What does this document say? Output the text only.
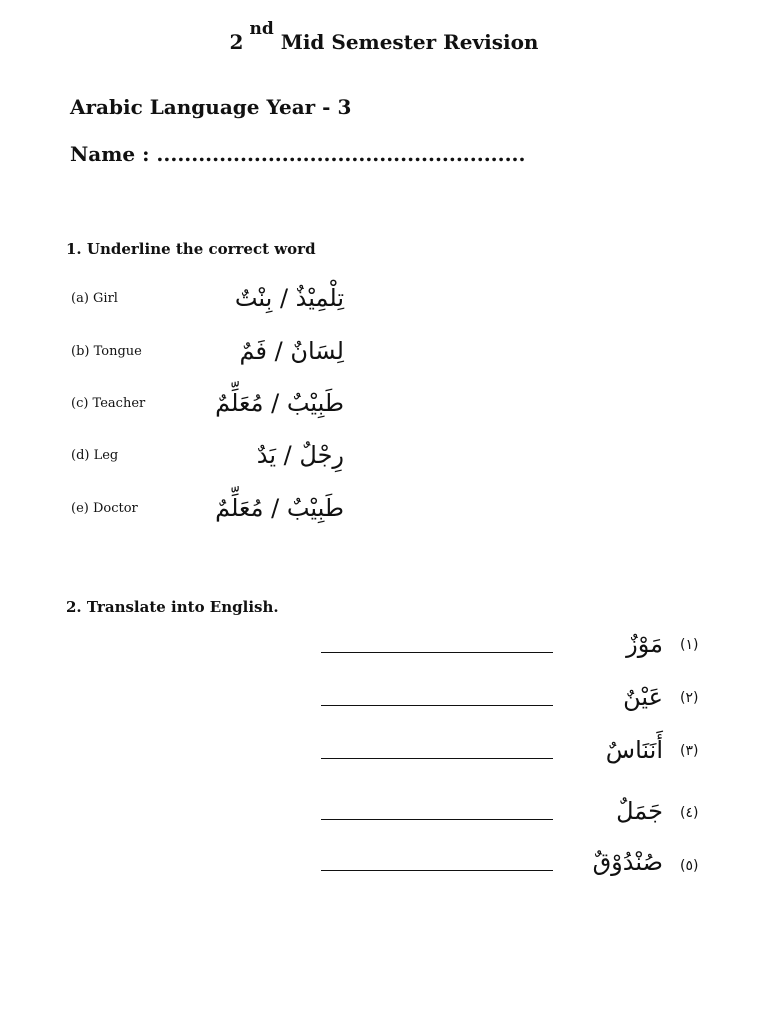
2nd Mid Semester Revision
Arabic Language Year - 3
Name : .....................................................
1. Underline the correct word
(a) Girl	تِلْمِيْذٌ / بِنْتٌ
(b) Tongue	لِسَانٌ / فَمٌ
(c) Teacher	طَبِيْبٌ / مُعَلِّمٌ
(d) Leg	رِجْلٌ / يَدٌ
(e) Doctor	طَبِيْبٌ / مُعَلِّمٌ
2. Translate into English.
مَوْزٌ (١)
عَيْنٌ (٢)
أَنَنَاسٌ (٣)
جَمَلٌ (٤)
صُنْدُوْقٌ (٥)
